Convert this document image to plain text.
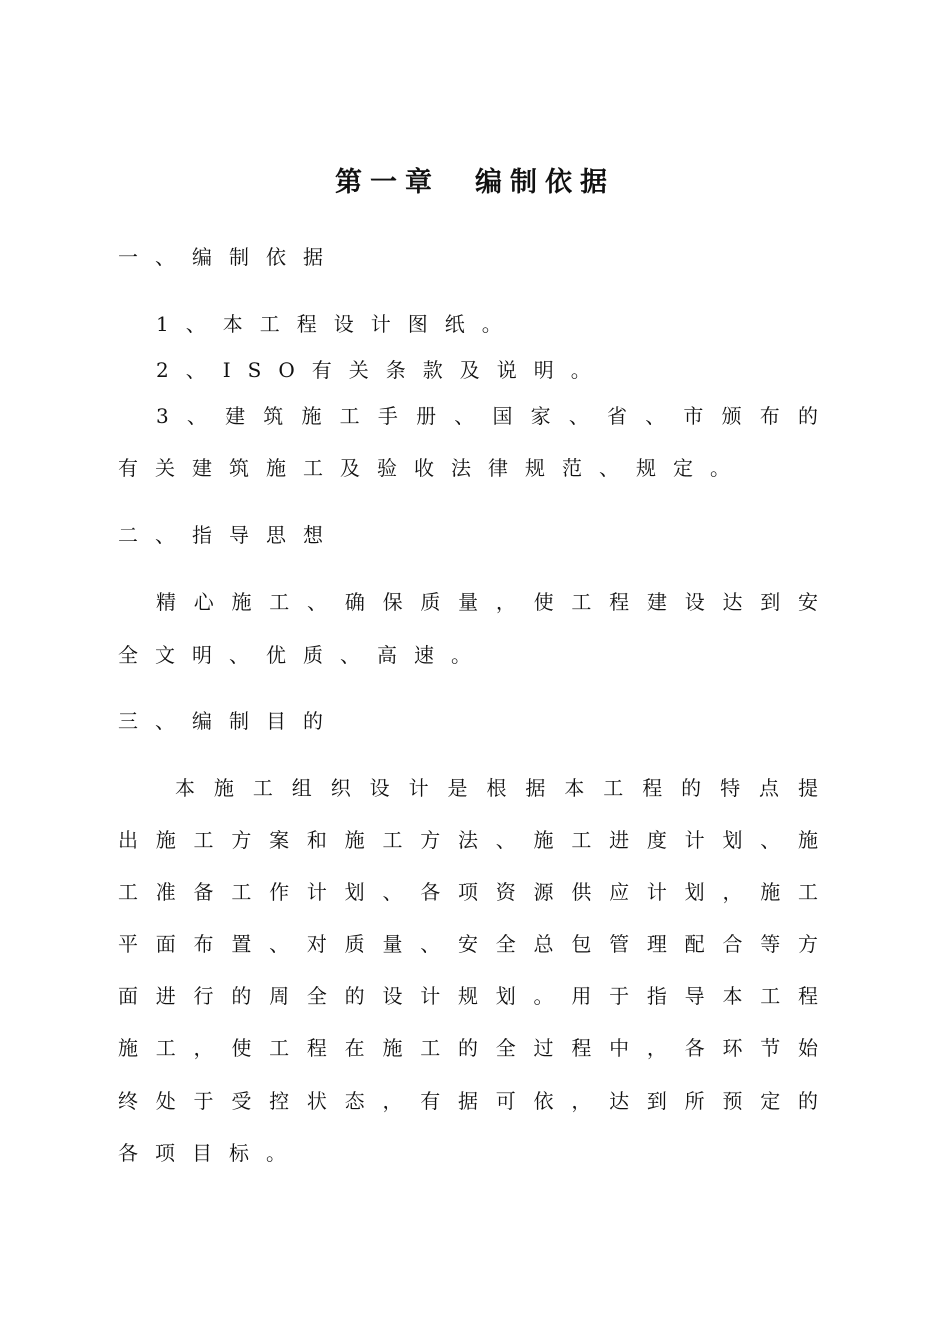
第一章　编制依据
一、编制依据
1、本工程设计图纸。
2、ISO有关条款及说明。
3、建筑施工手册、国家、省、市颁布的
有关建筑施工及验收法律规范、规定。
二、指导思想
精心施工、确保质量，使工程建设达到安
全文明、优质、高速。
三、编制目的
本施工组织设计是根据本工程的特点提
出施工方案和施工方法、施工进度计划、施
工准备工作计划、各项资源供应计划，施工
平面布置、对质量、安全总包管理配合等方
面进行的周全的设计规划。用于指导本工程
施工，使工程在施工的全过程中，各环节始
终处于受控状态，有据可依，达到所预定的
各项目标。
